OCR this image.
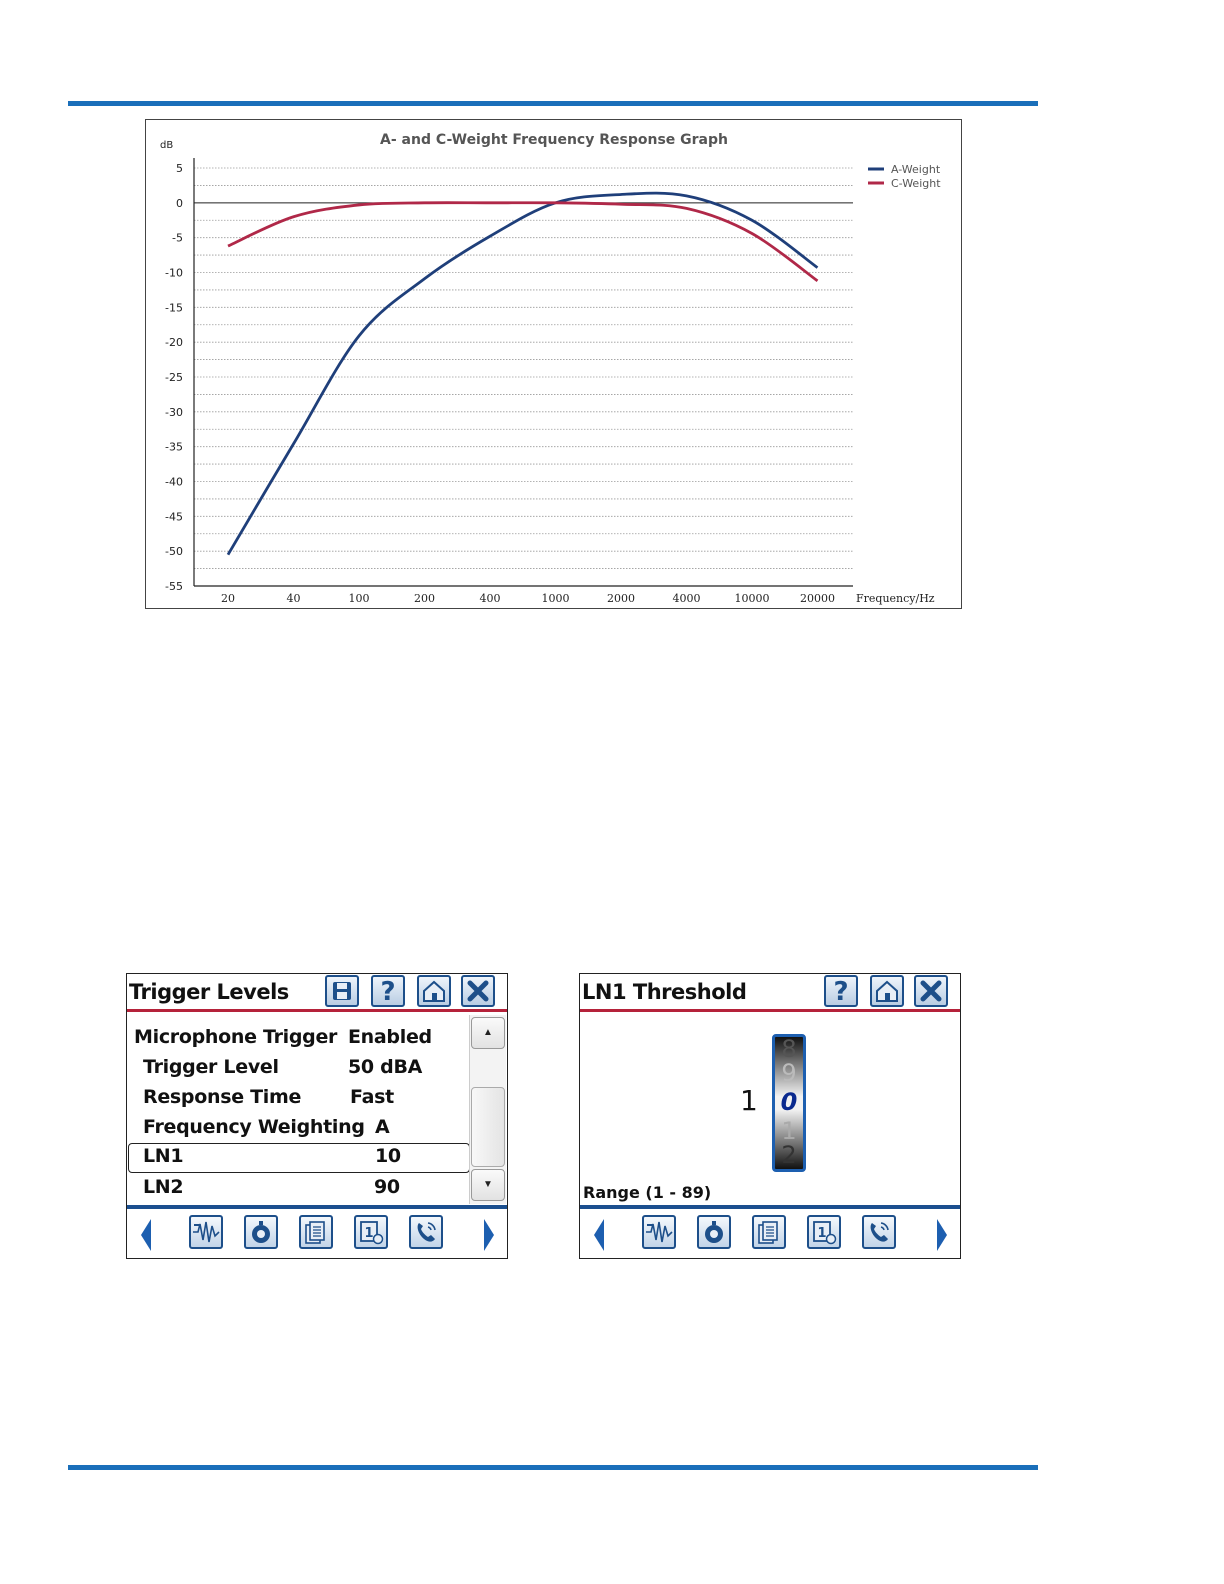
5
0
-5
-10
-15
-20
-25
-30
-35
-40
-45
-50
-55
20	40	100	200	400	1000	2000	4000	10000	20000
A- and C-Weight Frequency Response Graph
dB
Frequency/Hz
A-Weight
C-Weight
Trigger Levels	?
Microphone Trigger Enabled
Trigger Level	50 dBA
Response Time	Fast
Frequency Weighting A
LN1	10
LN2	90
▲
▼
1
LN1 Threshold	?
1
8
9
0
1
2
Range (1 - 89)
1
